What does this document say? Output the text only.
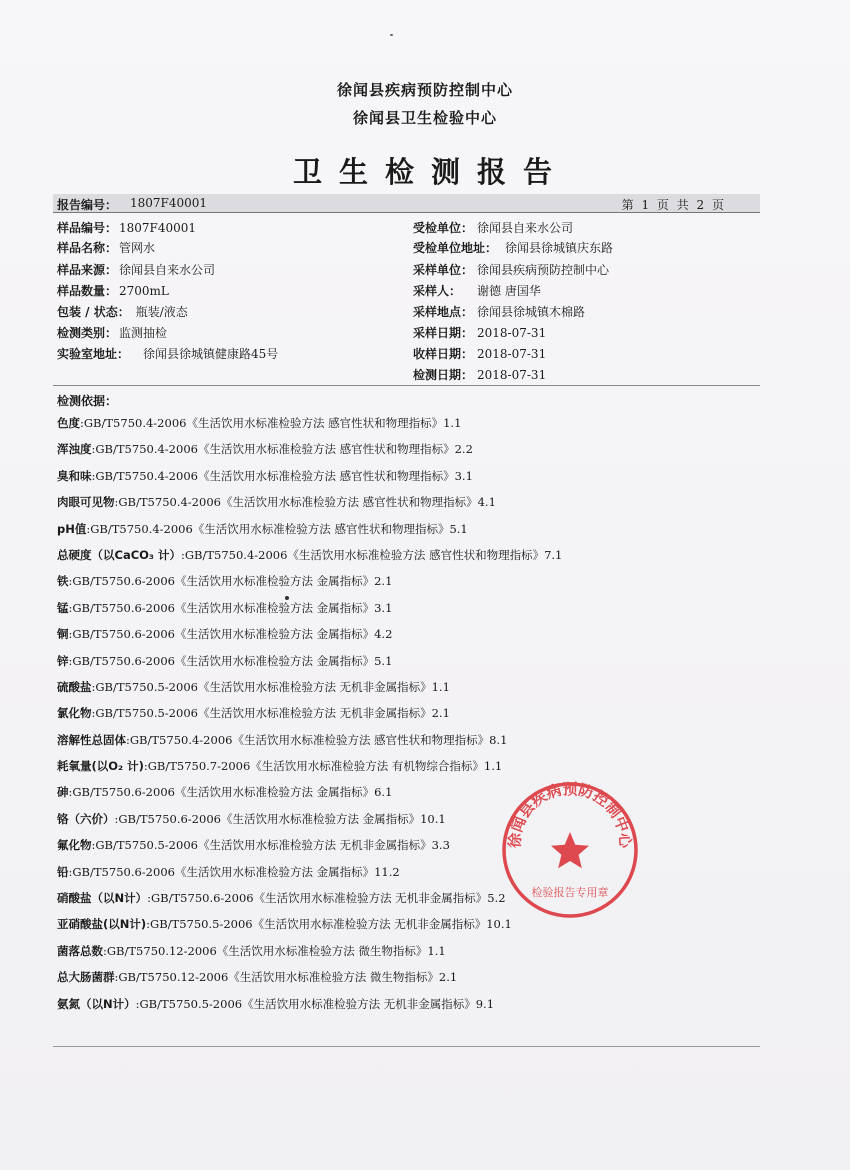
徐闻县疾病预防控制中心
徐闻县卫生检验中心
卫生检测报告
报告编号： 1807F40001	第 1 页 共 2 页
样品编号： 1807F40001
样品名称： 管网水
样品来源： 徐闻县自来水公司
样品数量： 2700mL
包装 / 状态： 瓶装/液态
检测类别： 监测抽检
实验室地址： 徐闻县徐城镇健康路45号
受检单位： 徐闻县自来水公司
受检单位地址： 徐闻县徐城镇庆东路
采样单位： 徐闻县疾病预防控制中心
采样人： 谢德 唐国华
采样地点： 徐闻县徐城镇木棉路
采样日期： 2018-07-31
收样日期： 2018-07-31
检测日期： 2018-07-31
检测依据：
色度:GB/T5750.4-2006《生活饮用水标准检验方法 感官性状和物理指标》1.1
浑浊度:GB/T5750.4-2006《生活饮用水标准检验方法 感官性状和物理指标》2.2
臭和味:GB/T5750.4-2006《生活饮用水标准检验方法 感官性状和物理指标》3.1
肉眼可见物:GB/T5750.4-2006《生活饮用水标准检验方法 感官性状和物理指标》4.1
pH值:GB/T5750.4-2006《生活饮用水标准检验方法 感官性状和物理指标》5.1
总硬度（以CaCO₃ 计）:GB/T5750.4-2006《生活饮用水标准检验方法 感官性状和物理指标》7.1
铁:GB/T5750.6-2006《生活饮用水标准检验方法 金属指标》2.1
锰:GB/T5750.6-2006《生活饮用水标准检验方法 金属指标》3.1
铜:GB/T5750.6-2006《生活饮用水标准检验方法 金属指标》4.2
锌:GB/T5750.6-2006《生活饮用水标准检验方法 金属指标》5.1
硫酸盐:GB/T5750.5-2006《生活饮用水标准检验方法 无机非金属指标》1.1
氯化物:GB/T5750.5-2006《生活饮用水标准检验方法 无机非金属指标》2.1
溶解性总固体:GB/T5750.4-2006《生活饮用水标准检验方法 感官性状和物理指标》8.1
耗氧量(以O₂ 计):GB/T5750.7-2006《生活饮用水标准检验方法 有机物综合指标》1.1
砷:GB/T5750.6-2006《生活饮用水标准检验方法 金属指标》6.1
铬（六价）:GB/T5750.6-2006《生活饮用水标准检验方法 金属指标》10.1
氟化物:GB/T5750.5-2006《生活饮用水标准检验方法 无机非金属指标》3.3
铅:GB/T5750.6-2006《生活饮用水标准检验方法 金属指标》11.2
硝酸盐（以N计）:GB/T5750.6-2006《生活饮用水标准检验方法 无机非金属指标》5.2
亚硝酸盐(以N计):GB/T5750.5-2006《生活饮用水标准检验方法 无机非金属指标》10.1
菌落总数:GB/T5750.12-2006《生活饮用水标准检验方法 微生物指标》1.1
总大肠菌群:GB/T5750.12-2006《生活饮用水标准检验方法 微生物指标》2.1
氨氮（以N计）:GB/T5750.5-2006《生活饮用水标准检验方法 无机非金属指标》9.1
徐闻县疾病预防控制中心
检验报告专用章
